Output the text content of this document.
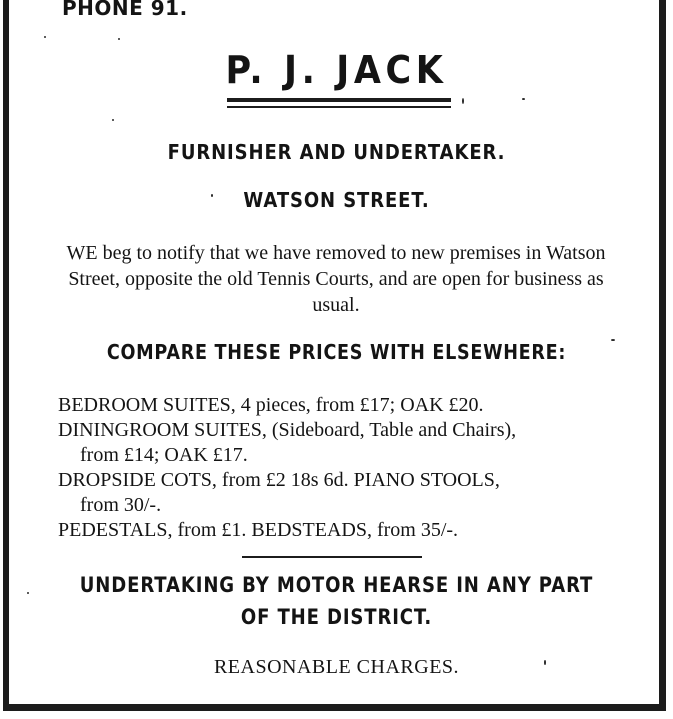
PHONE 91.
P. J. JACK
FURNISHER AND UNDERTAKER.
WATSON STREET.
WE beg to notify that we have removed to new premises in Watson Street, opposite the old Tennis Courts, and are open for business as usual.
COMPARE THESE PRICES WITH ELSEWHERE:
BEDROOM SUITES, 4 pieces, from £17; OAK £20.
DININGROOM SUITES, (Sideboard, Table and Chairs),
from £14; OAK £17.
DROPSIDE COTS, from £2 18s 6d. PIANO STOOLS,
from 30/-.
PEDESTALS, from £1. BEDSTEADS, from 35/-.
UNDERTAKING BY MOTOR HEARSE IN ANY PART
OF THE DISTRICT.
REASONABLE CHARGES.
